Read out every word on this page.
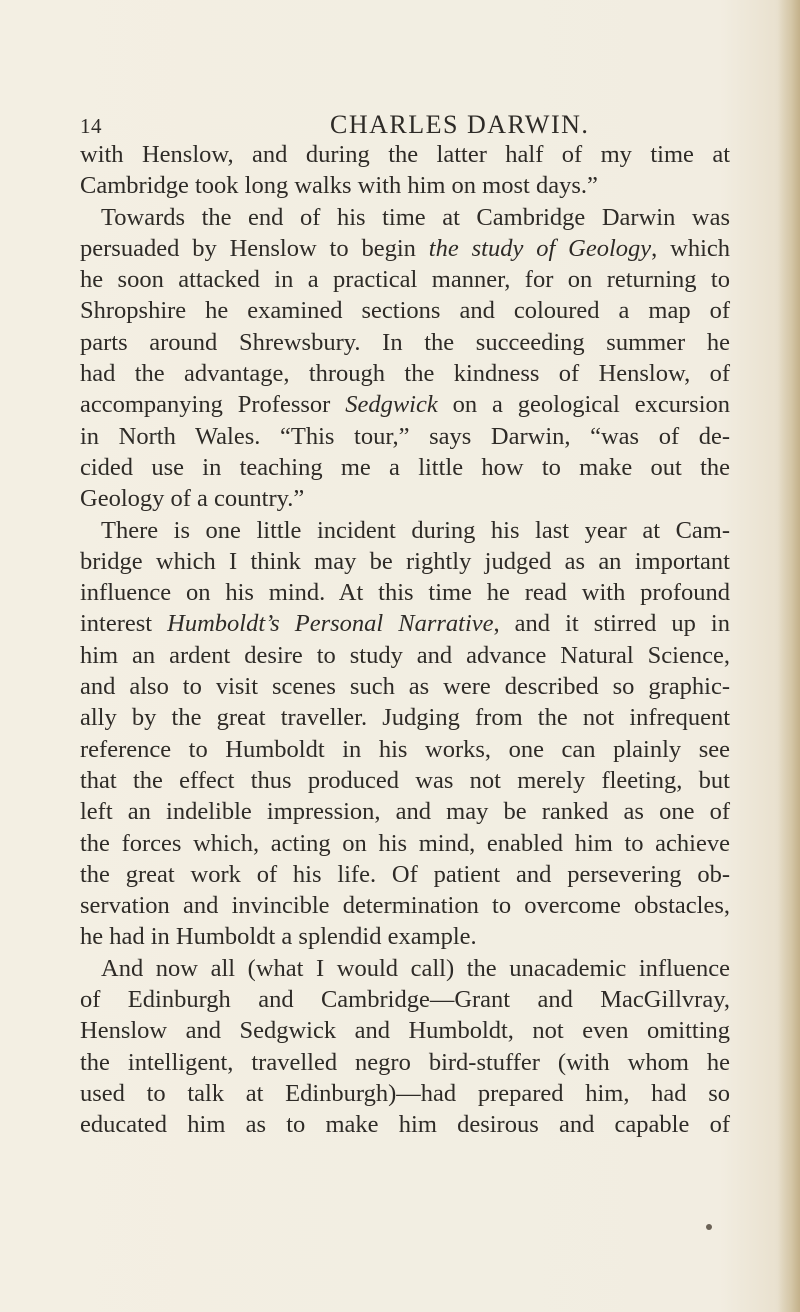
14	CHARLES DARWIN.
with Henslow, and during the latter half of my time at
Cambridge took long walks with him on most days.”
Towards the end of his time at Cambridge Darwin was
persuaded by Henslow to begin the study of Geology, which
he soon attacked in a practical manner, for on returning to
Shropshire he examined sections and coloured a map of
parts around Shrewsbury. In the succeeding summer he
had the advantage, through the kindness of Henslow, of
accompanying Professor Sedgwick on a geological excursion
in North Wales. “This tour,” says Darwin, “was of de-
cided use in teaching me a little how to make out the
Geology of a country.”
There is one little incident during his last year at Cam-
bridge which I think may be rightly judged as an important
influence on his mind. At this time he read with profound
interest Humboldt’s Personal Narrative, and it stirred up in
him an ardent desire to study and advance Natural Science,
and also to visit scenes such as were described so graphic-
ally by the great traveller. Judging from the not infrequent
reference to Humboldt in his works, one can plainly see
that the effect thus produced was not merely fleeting, but
left an indelible impression, and may be ranked as one of
the forces which, acting on his mind, enabled him to achieve
the great work of his life. Of patient and persevering ob-
servation and invincible determination to overcome obstacles,
he had in Humboldt a splendid example.
And now all (what I would call) the unacademic influence
of Edinburgh and Cambridge—Grant and MacGillvray,
Henslow and Sedgwick and Humboldt, not even omitting
the intelligent, travelled negro bird-stuffer (with whom he
used to talk at Edinburgh)—had prepared him, had so
educated him as to make him desirous and capable of
